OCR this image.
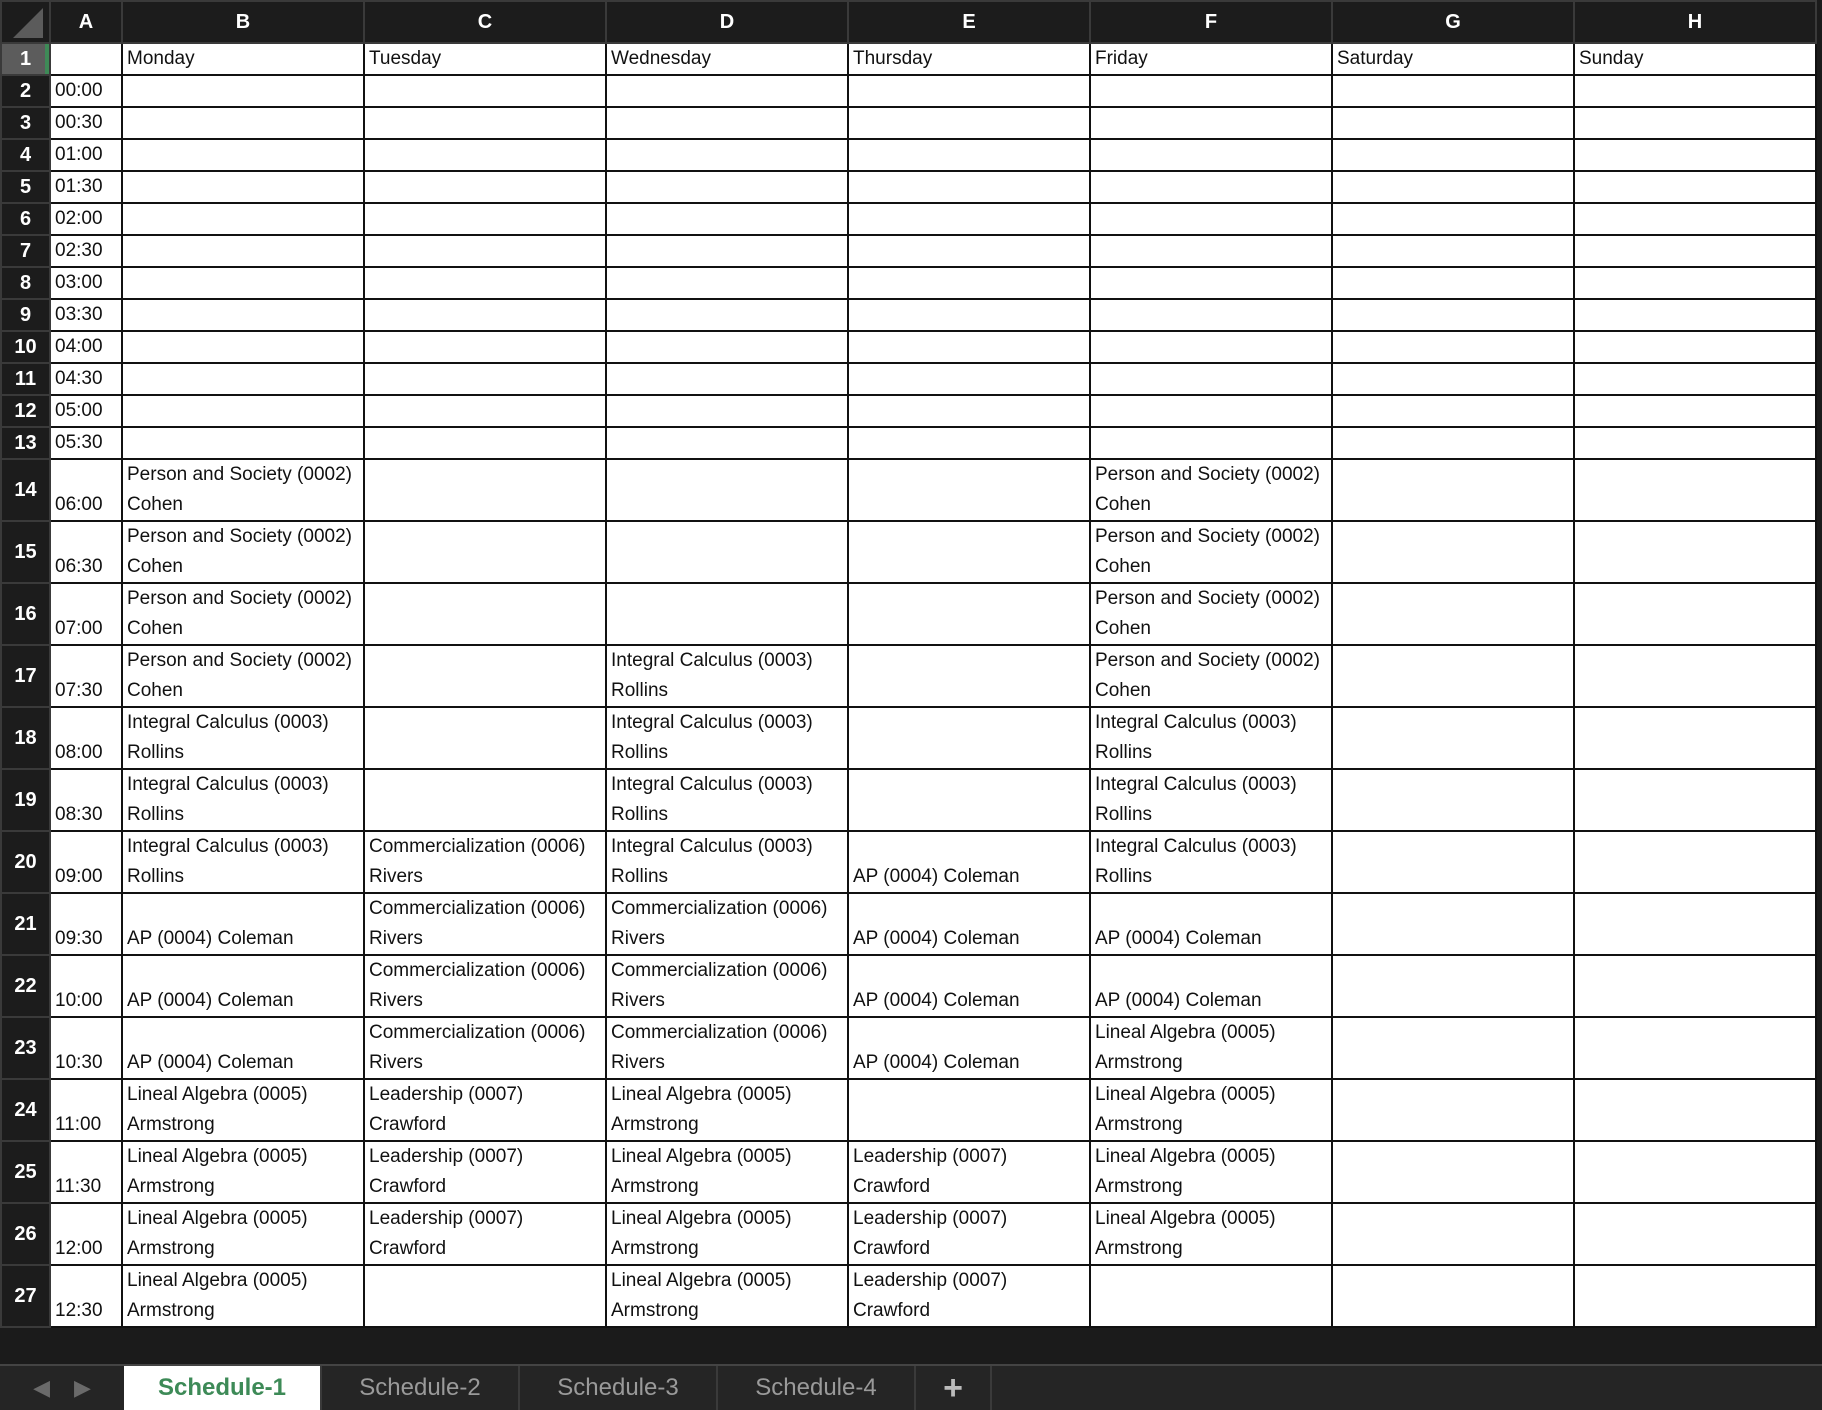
	A	B	C	D	E	F	G	H
1		Monday	Tuesday	Wednesday	Thursday	Friday	Saturday	Sunday
2	00:00							
3	00:30							
4	01:00							
5	01:30							
6	02:00							
7	02:30							
8	03:00							
9	03:30							
10	04:00							
11	04:30							
12	05:00							
13	05:30							
14	06:00	Person and Society (0002) Cohen				Person and Society (0002) Cohen		
15	06:30	Person and Society (0002) Cohen				Person and Society (0002) Cohen		
16	07:00	Person and Society (0002) Cohen				Person and Society (0002) Cohen		
17	07:30	Person and Society (0002) Cohen		Integral Calculus (0003) Rollins		Person and Society (0002) Cohen		
18	08:00	Integral Calculus (0003) Rollins		Integral Calculus (0003) Rollins		Integral Calculus (0003) Rollins		
19	08:30	Integral Calculus (0003) Rollins		Integral Calculus (0003) Rollins		Integral Calculus (0003) Rollins		
20	09:00	Integral Calculus (0003) Rollins	Commercialization (0006) Rivers	Integral Calculus (0003) Rollins	AP (0004) Coleman	Integral Calculus (0003) Rollins		
21	09:30	AP (0004) Coleman	Commercialization (0006) Rivers	Commercialization (0006) Rivers	AP (0004) Coleman	AP (0004) Coleman		
22	10:00	AP (0004) Coleman	Commercialization (0006) Rivers	Commercialization (0006) Rivers	AP (0004) Coleman	AP (0004) Coleman		
23	10:30	AP (0004) Coleman	Commercialization (0006) Rivers	Commercialization (0006) Rivers	AP (0004) Coleman	Lineal Algebra (0005) Armstrong		
24	11:00	Lineal Algebra (0005) Armstrong	Leadership (0007) Crawford	Lineal Algebra (0005) Armstrong		Lineal Algebra (0005) Armstrong		
25	11:30	Lineal Algebra (0005) Armstrong	Leadership (0007) Crawford	Lineal Algebra (0005) Armstrong	Leadership (0007) Crawford	Lineal Algebra (0005) Armstrong		
26	12:00	Lineal Algebra (0005) Armstrong	Leadership (0007) Crawford	Lineal Algebra (0005) Armstrong	Leadership (0007) Crawford	Lineal Algebra (0005) Armstrong		
27	12:30	Lineal Algebra (0005) Armstrong		Lineal Algebra (0005) Armstrong	Leadership (0007) Crawford			
◀ ▶	Schedule-1	Schedule-2	Schedule-3	Schedule-4	+
